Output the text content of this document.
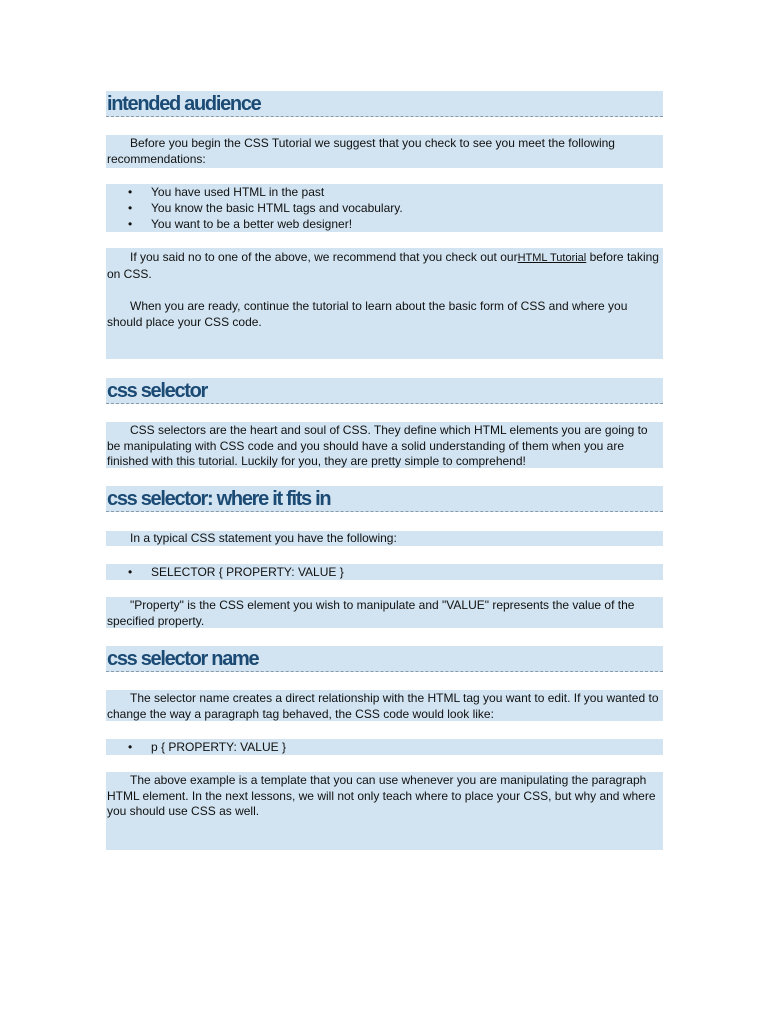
intended audience

Before you begin the CSS Tutorial we suggest that you check to see you meet the following recommendations:

•	You have used HTML in the past
•	You know the basic HTML tags and vocabulary.
•	You want to be a better web designer!

If you said no to one of the above, we recommend that you check out ourHTML Tutorial before taking on CSS.

When you are ready, continue the tutorial to learn about the basic form of CSS and where you should place your CSS code.

css selector

CSS selectors are the heart and soul of CSS. They define which HTML elements you are going to be manipulating with CSS code and you should have a solid understanding of them when you are finished with this tutorial. Luckily for you, they are pretty simple to comprehend!

css selector: where it fits in

In a typical CSS statement you have the following:

•	SELECTOR { PROPERTY: VALUE }

"Property" is the CSS element you wish to manipulate and "VALUE" represents the value of the specified property.

css selector name

The selector name creates a direct relationship with the HTML tag you want to edit. If you wanted to change the way a paragraph tag behaved, the CSS code would look like:

•	p { PROPERTY: VALUE }

The above example is a template that you can use whenever you are manipulating the paragraph HTML element. In the next lessons, we will not only teach where to place your CSS, but why and where you should use CSS as well.
